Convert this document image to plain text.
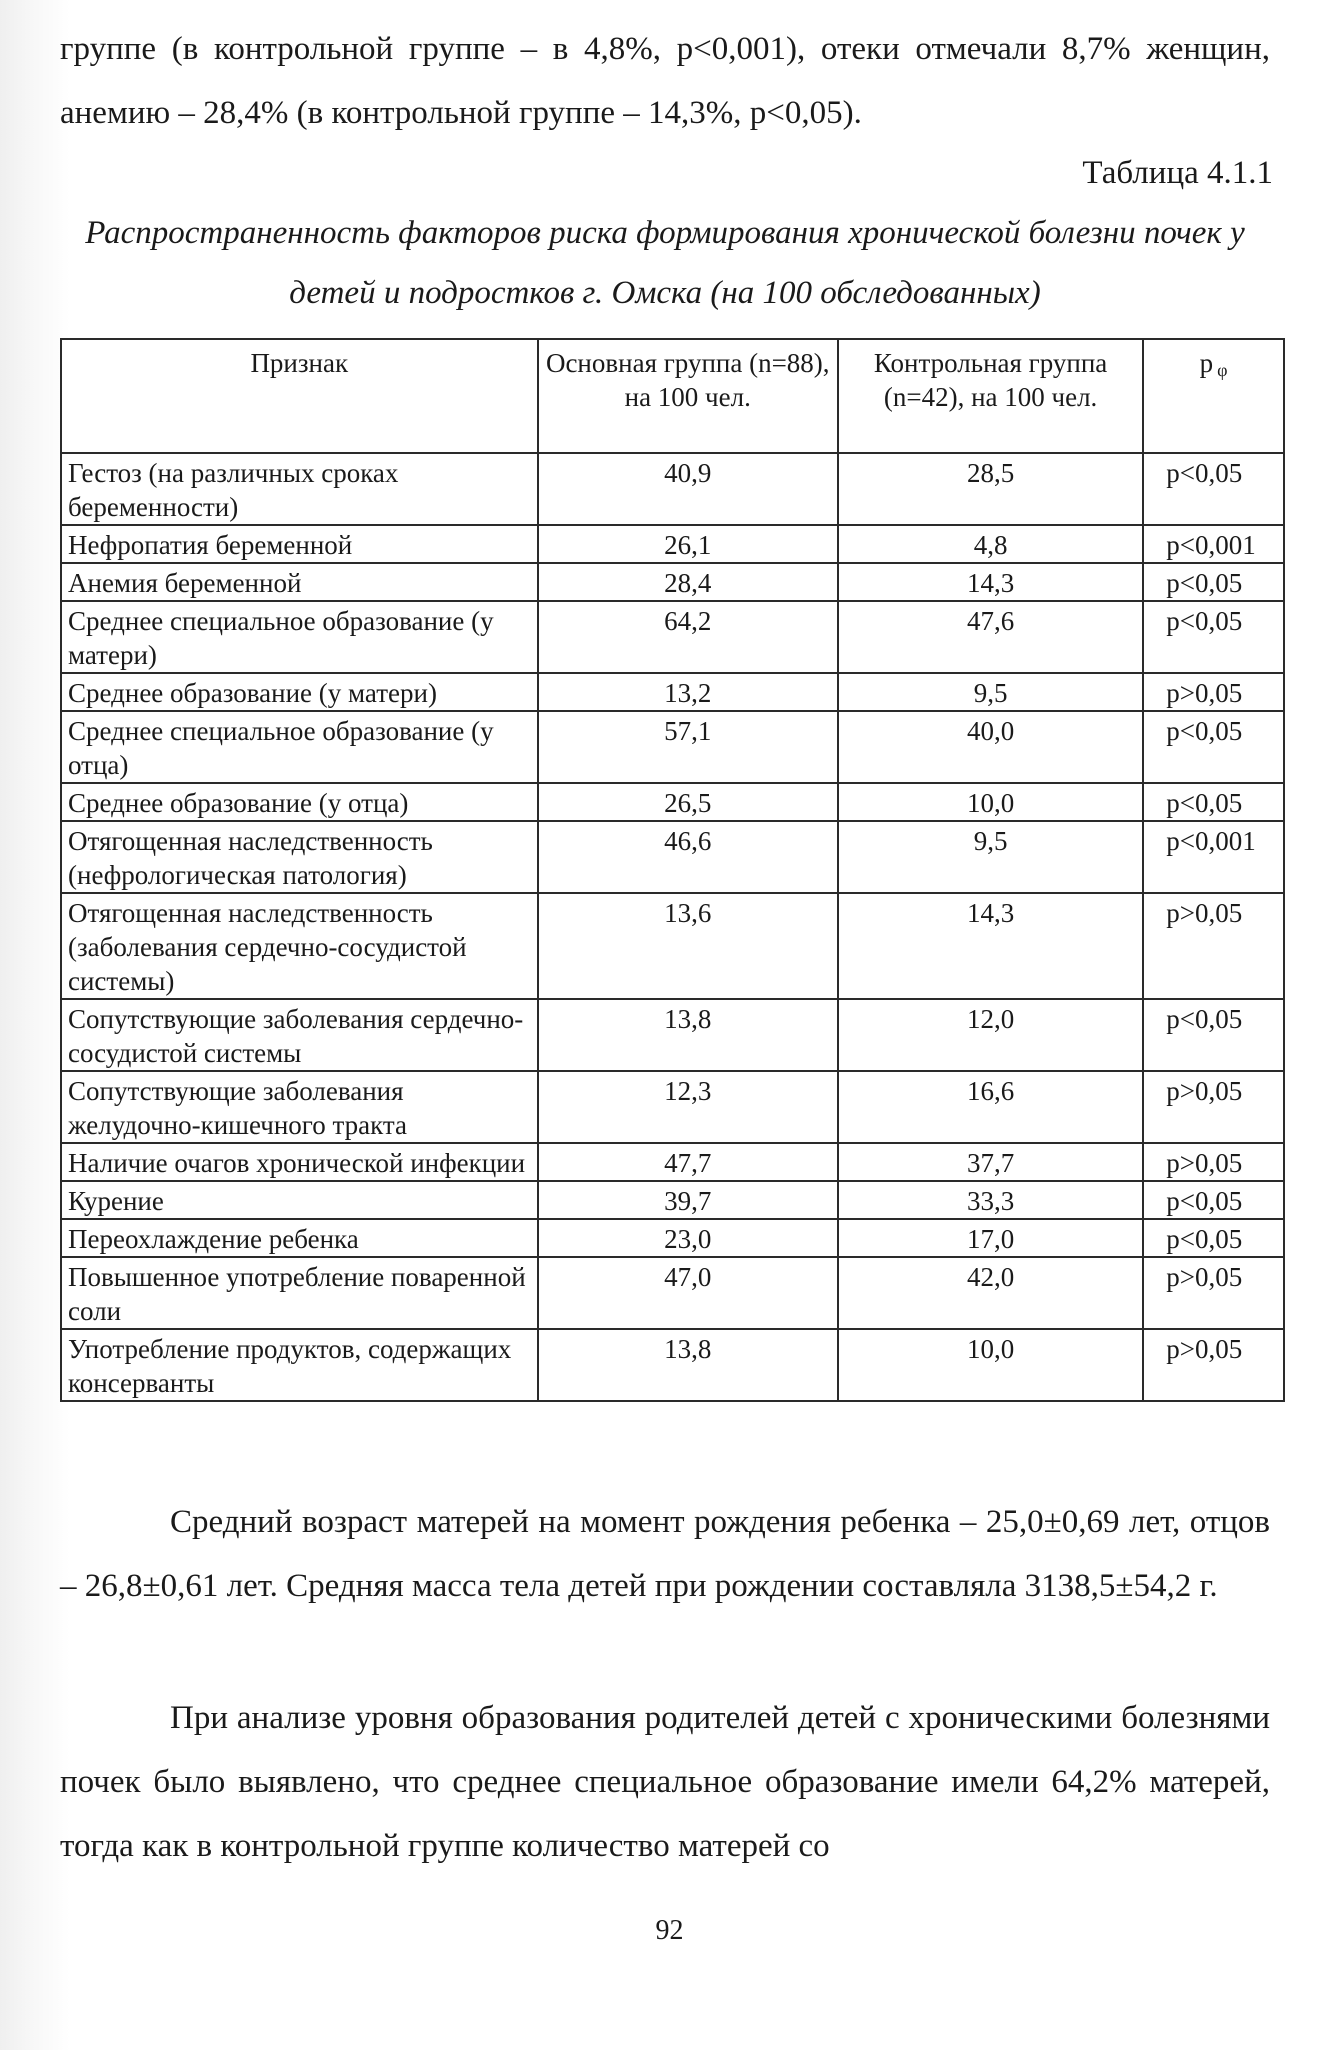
группе (в контрольной группе – в 4,8%, p<0,001), отеки отмечали 8,7% женщин, анемию – 28,4% (в контрольной группе – 14,3%, p<0,05).

Таблица 4.1.1

Распространенность факторов риска формирования хронической болезни почек у детей и подростков г. Омска (на 100 обследованных)

Признак	Основная группа (n=88), на 100 чел.	Контрольная группа (n=42), на 100 чел.	p φ
Гестоз (на различных сроках беременности)	40,9	28,5	p<0,05
Нефропатия беременной	26,1	4,8	p<0,001
Анемия беременной	28,4	14,3	p<0,05
Среднее специальное образование (у матери)	64,2	47,6	p<0,05
Среднее образование (у матери)	13,2	9,5	p>0,05
Среднее специальное образование (у отца)	57,1	40,0	p<0,05
Среднее образование (у отца)	26,5	10,0	p<0,05
Отягощенная наследственность (нефрологическая патология)	46,6	9,5	p<0,001
Отягощенная наследственность (заболевания сердечно-сосудистой системы)	13,6	14,3	p>0,05
Сопутствующие заболевания сердечно-сосудистой системы	13,8	12,0	p<0,05
Сопутствующие заболевания желудочно-кишечного тракта	12,3	16,6	p>0,05
Наличие очагов хронической инфекции	47,7	37,7	p>0,05
Курение	39,7	33,3	p<0,05
Переохлаждение ребенка	23,0	17,0	p<0,05
Повышенное употребление поваренной соли	47,0	42,0	p>0,05
Употребление продуктов, содержащих консерванты	13,8	10,0	p>0,05

Средний возраст матерей на момент рождения ребенка – 25,0±0,69 лет, отцов – 26,8±0,61 лет. Средняя масса тела детей при рождении составляла 3138,5±54,2 г.

При анализе уровня образования родителей детей с хроническими болезнями почек было выявлено, что среднее специальное образование имели 64,2% матерей, тогда как в контрольной группе количество матерей со

92
